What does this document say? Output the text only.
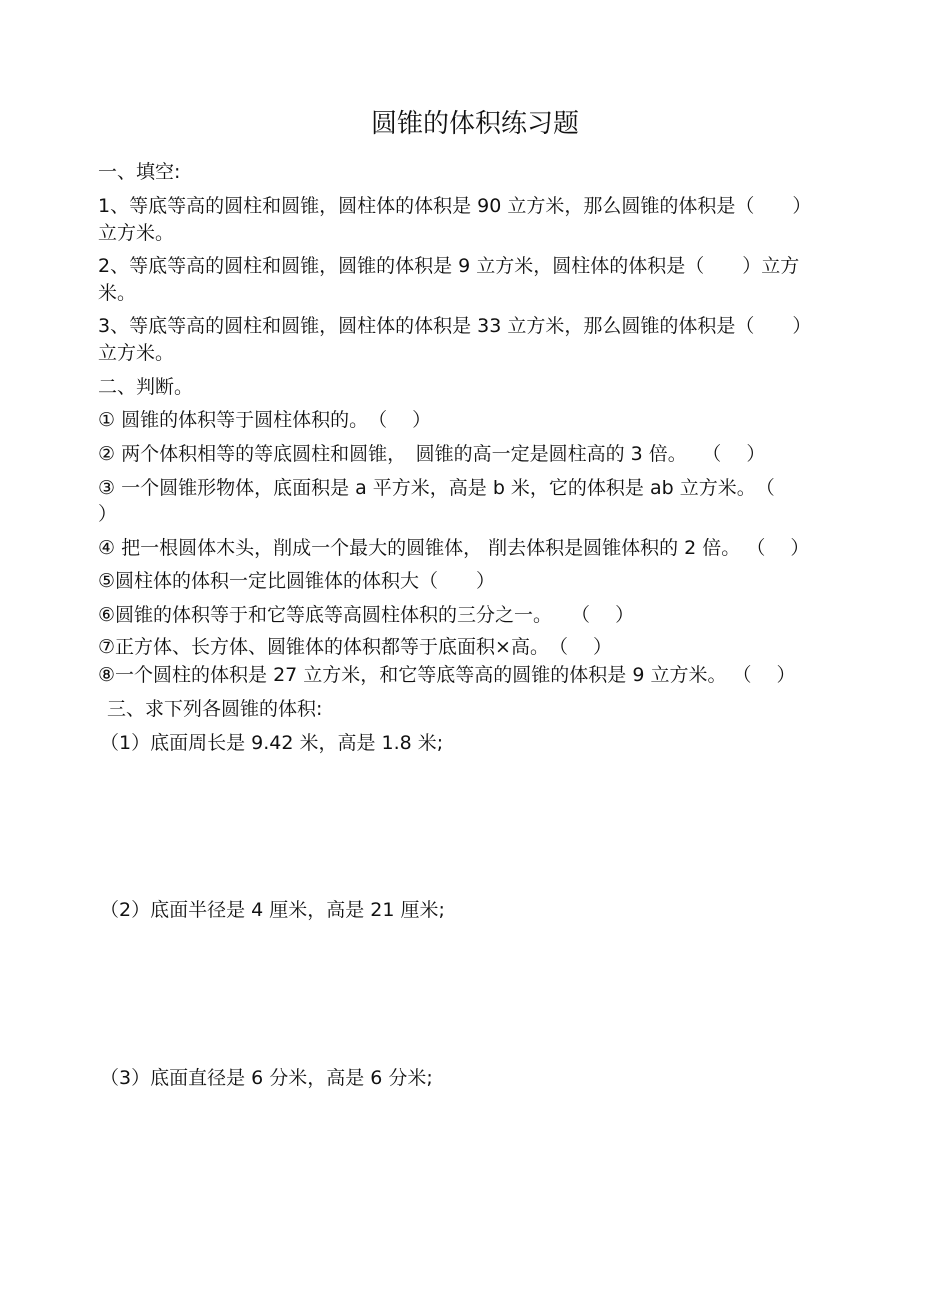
圆锥的体积练习题
一、填空:
1、等底等高的圆柱和圆锥，圆柱体的体积是 90 立方米，那么圆锥的体积是（　　）
立方米。
2、等底等高的圆柱和圆锥，圆锥的体积是 9 立方米，圆柱体的体积是（　　）立方
米。
3、等底等高的圆柱和圆锥，圆柱体的体积是 33 立方米，那么圆锥的体积是（　　）
立方米。
二、判断。
① 圆锥的体积等于圆柱体积的。　（　 ）
② 两个体积相等的等底圆柱和圆锥，　圆锥的高一定是圆柱高的 3 倍。　 （　 ）
③ 一个圆锥形物体，底面积是 a 平方米，高是 b 米，它的体积是 ab 立方米。　（
）
④ 把一根圆体木头，削成一个最大的圆锥体， 削去体积是圆锥体积的 2 倍。 （　 ）
⑤圆柱体的体积一定比圆锥体的体积大（　　）
⑥圆锥的体积等于和它等底等高圆柱体积的三分之一。　　（　 ）
⑦正方体、长方体、圆锥体的体积都等于底面积×高。　（　 ）
⑧一个圆柱的体积是 27 立方米，和它等底等高的圆锥的体积是 9 立方米。 （　 ）
三、求下列各圆锥的体积:
（1）底面周长是 9.42 米，高是 1.8 米;
（2）底面半径是 4 厘米，高是 21 厘米;
（3）底面直径是 6 分米，高是 6 分米;
